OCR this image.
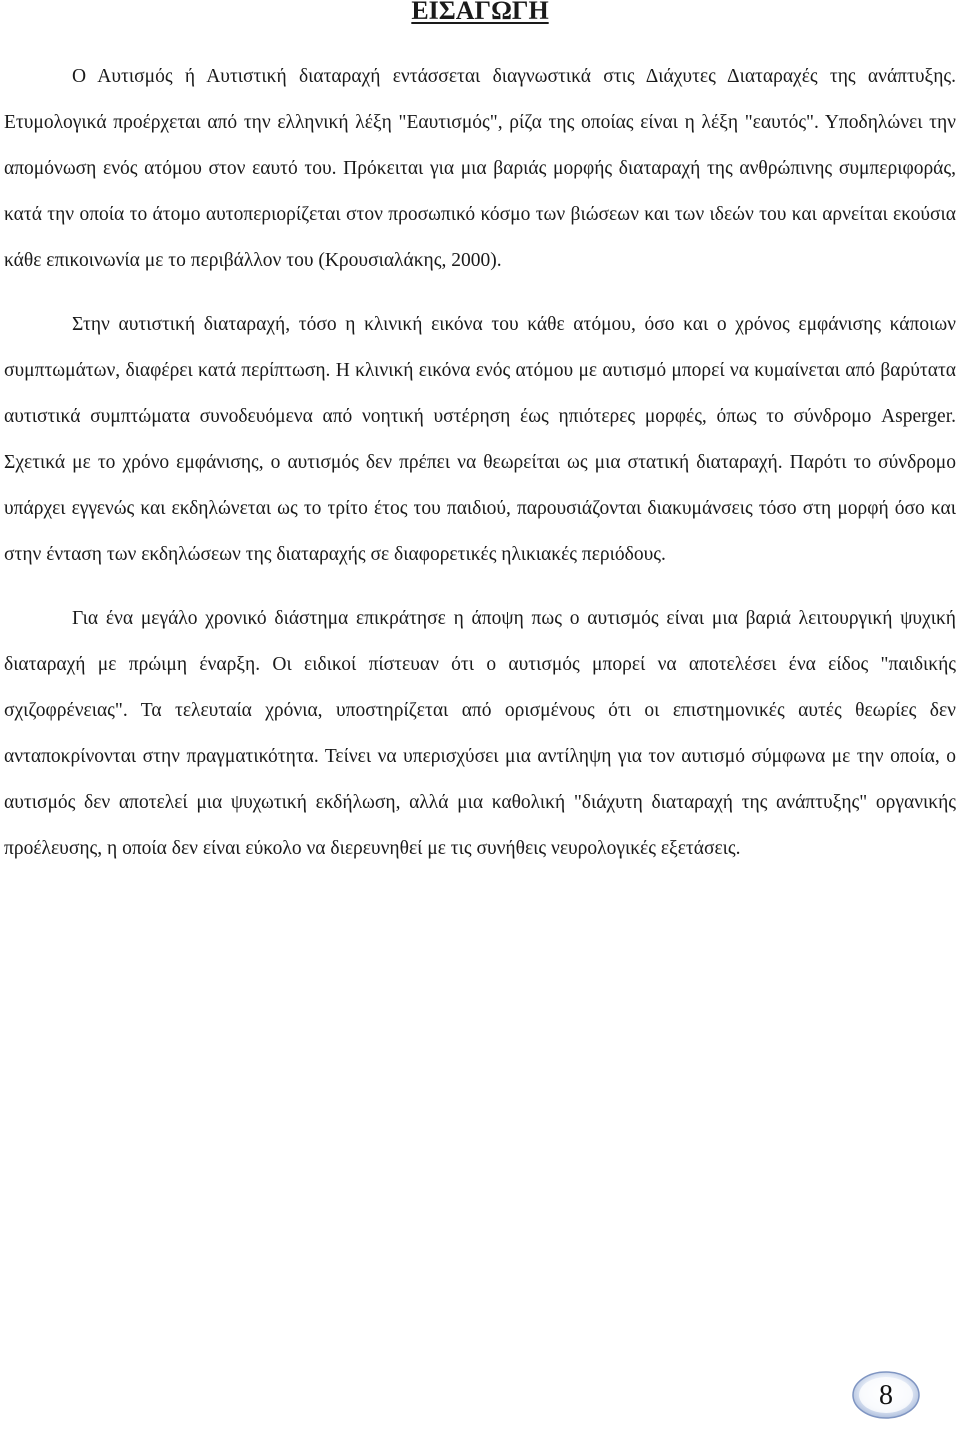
ΕΙΣΑΓΩΓΗ

Ο Αυτισμός ή Αυτιστική διαταραχή εντάσσεται διαγνωστικά στις Διάχυτες Διαταραχές της ανάπτυξης. Ετυμολογικά προέρχεται από την ελληνική λέξη "Εαυτισμός", ρίζα της οποίας είναι η λέξη "εαυτός". Υποδηλώνει την απομόνωση ενός ατόμου στον εαυτό του. Πρόκειται για μια βαριάς μορφής διαταραχή της ανθρώπινης συμπεριφοράς, κατά την οποία το άτομο αυτοπεριορίζεται στον προσωπικό κόσμο των βιώσεων και των ιδεών του και αρνείται εκούσια κάθε επικοινωνία με το περιβάλλον του (Κρουσιαλάκης, 2000).

Στην αυτιστική διαταραχή, τόσο η κλινική εικόνα του κάθε ατόμου, όσο και ο χρόνος εμφάνισης κάποιων συμπτωμάτων, διαφέρει κατά περίπτωση. Η κλινική εικόνα ενός ατόμου με αυτισμό μπορεί να κυμαίνεται από βαρύτατα αυτιστικά συμπτώματα συνοδευόμενα από νοητική υστέρηση έως ηπιότερες μορφές, όπως το σύνδρομο Asperger. Σχετικά με το χρόνο εμφάνισης, ο αυτισμός δεν πρέπει να θεωρείται ως μια στατική διαταραχή. Παρότι το σύνδρομο υπάρχει εγγενώς και εκδηλώνεται ως το τρίτο έτος του παιδιού, παρουσιάζονται διακυμάνσεις τόσο στη μορφή όσο και στην ένταση των εκδηλώσεων της διαταραχής σε διαφορετικές ηλικιακές περιόδους.

Για ένα μεγάλο χρονικό διάστημα επικράτησε η άποψη πως ο αυτισμός είναι μια βαριά λειτουργική ψυχική διαταραχή με πρώιμη έναρξη. Οι ειδικοί πίστευαν ότι ο αυτισμός μπορεί να αποτελέσει ένα είδος "παιδικής σχιζοφρένειας". Τα τελευταία χρόνια, υποστηρίζεται από ορισμένους ότι οι επιστημονικές αυτές θεωρίες δεν ανταποκρίνονται στην πραγματικότητα. Τείνει να υπερισχύσει μια αντίληψη για τον αυτισμό σύμφωνα με την οποία, ο αυτισμός δεν αποτελεί μια ψυχωτική εκδήλωση, αλλά μια καθολική "διάχυτη διαταραχή της ανάπτυξης" οργανικής προέλευσης, η οποία δεν είναι εύκολο να διερευνηθεί με τις συνήθεις νευρολογικές εξετάσεις.

8
